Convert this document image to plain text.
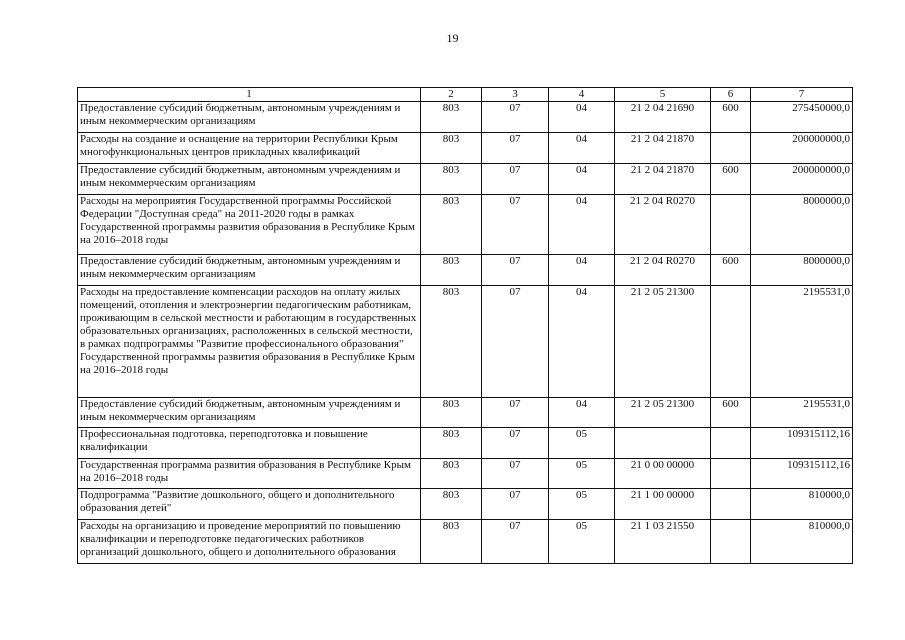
19
1	2	3	4	5	6	7
Предоставление субсидий бюджетным, автономным учреждениям и иным некоммерческим организациям	803	07	04	21 2 04 21690	600	275450000,0
Расходы на создание и оснащение на территории Республики Крым многофункциональных центров прикладных квалификаций	803	07	04	21 2 04 21870		200000000,0
Предоставление субсидий бюджетным, автономным учреждениям и иным некоммерческим организациям	803	07	04	21 2 04 21870	600	200000000,0
Расходы на мероприятия Государственной программы Российской Федерации "Доступная среда" на 2011-2020 годы в рамках Государственной программы развития образования в Республике Крым на 2016–2018 годы	803	07	04	21 2 04 R0270		8000000,0
Предоставление субсидий бюджетным, автономным учреждениям и иным некоммерческим организациям	803	07	04	21 2 04 R0270	600	8000000,0
Расходы на предоставление компенсации расходов на оплату жилых помещений, отопления и электроэнергии педагогическим работникам, проживающим в сельской местности и работающим в государственных образовательных организациях, расположенных в сельской местности, в рамках подпрограммы "Развитие профессионального образования" Государственной программы развития образования в Республике Крым на 2016–2018 годы	803	07	04	21 2 05 21300		2195531,0
Предоставление субсидий бюджетным, автономным учреждениям и иным некоммерческим организациям	803	07	04	21 2 05 21300	600	2195531,0
Профессиональная подготовка, переподготовка и повышение квалификации	803	07	05			109315112,16
Государственная программа развития образования в Республике Крым на 2016–2018 годы	803	07	05	21 0 00 00000		109315112,16
Подпрограмма "Развитие дошкольного, общего и дополнительного образования детей"	803	07	05	21 1 00 00000		810000,0
Расходы на организацию и проведение мероприятий по повышению квалификации и переподготовке педагогических работников организаций дошкольного, общего и дополнительного образования	803	07	05	21 1 03 21550		810000,0
